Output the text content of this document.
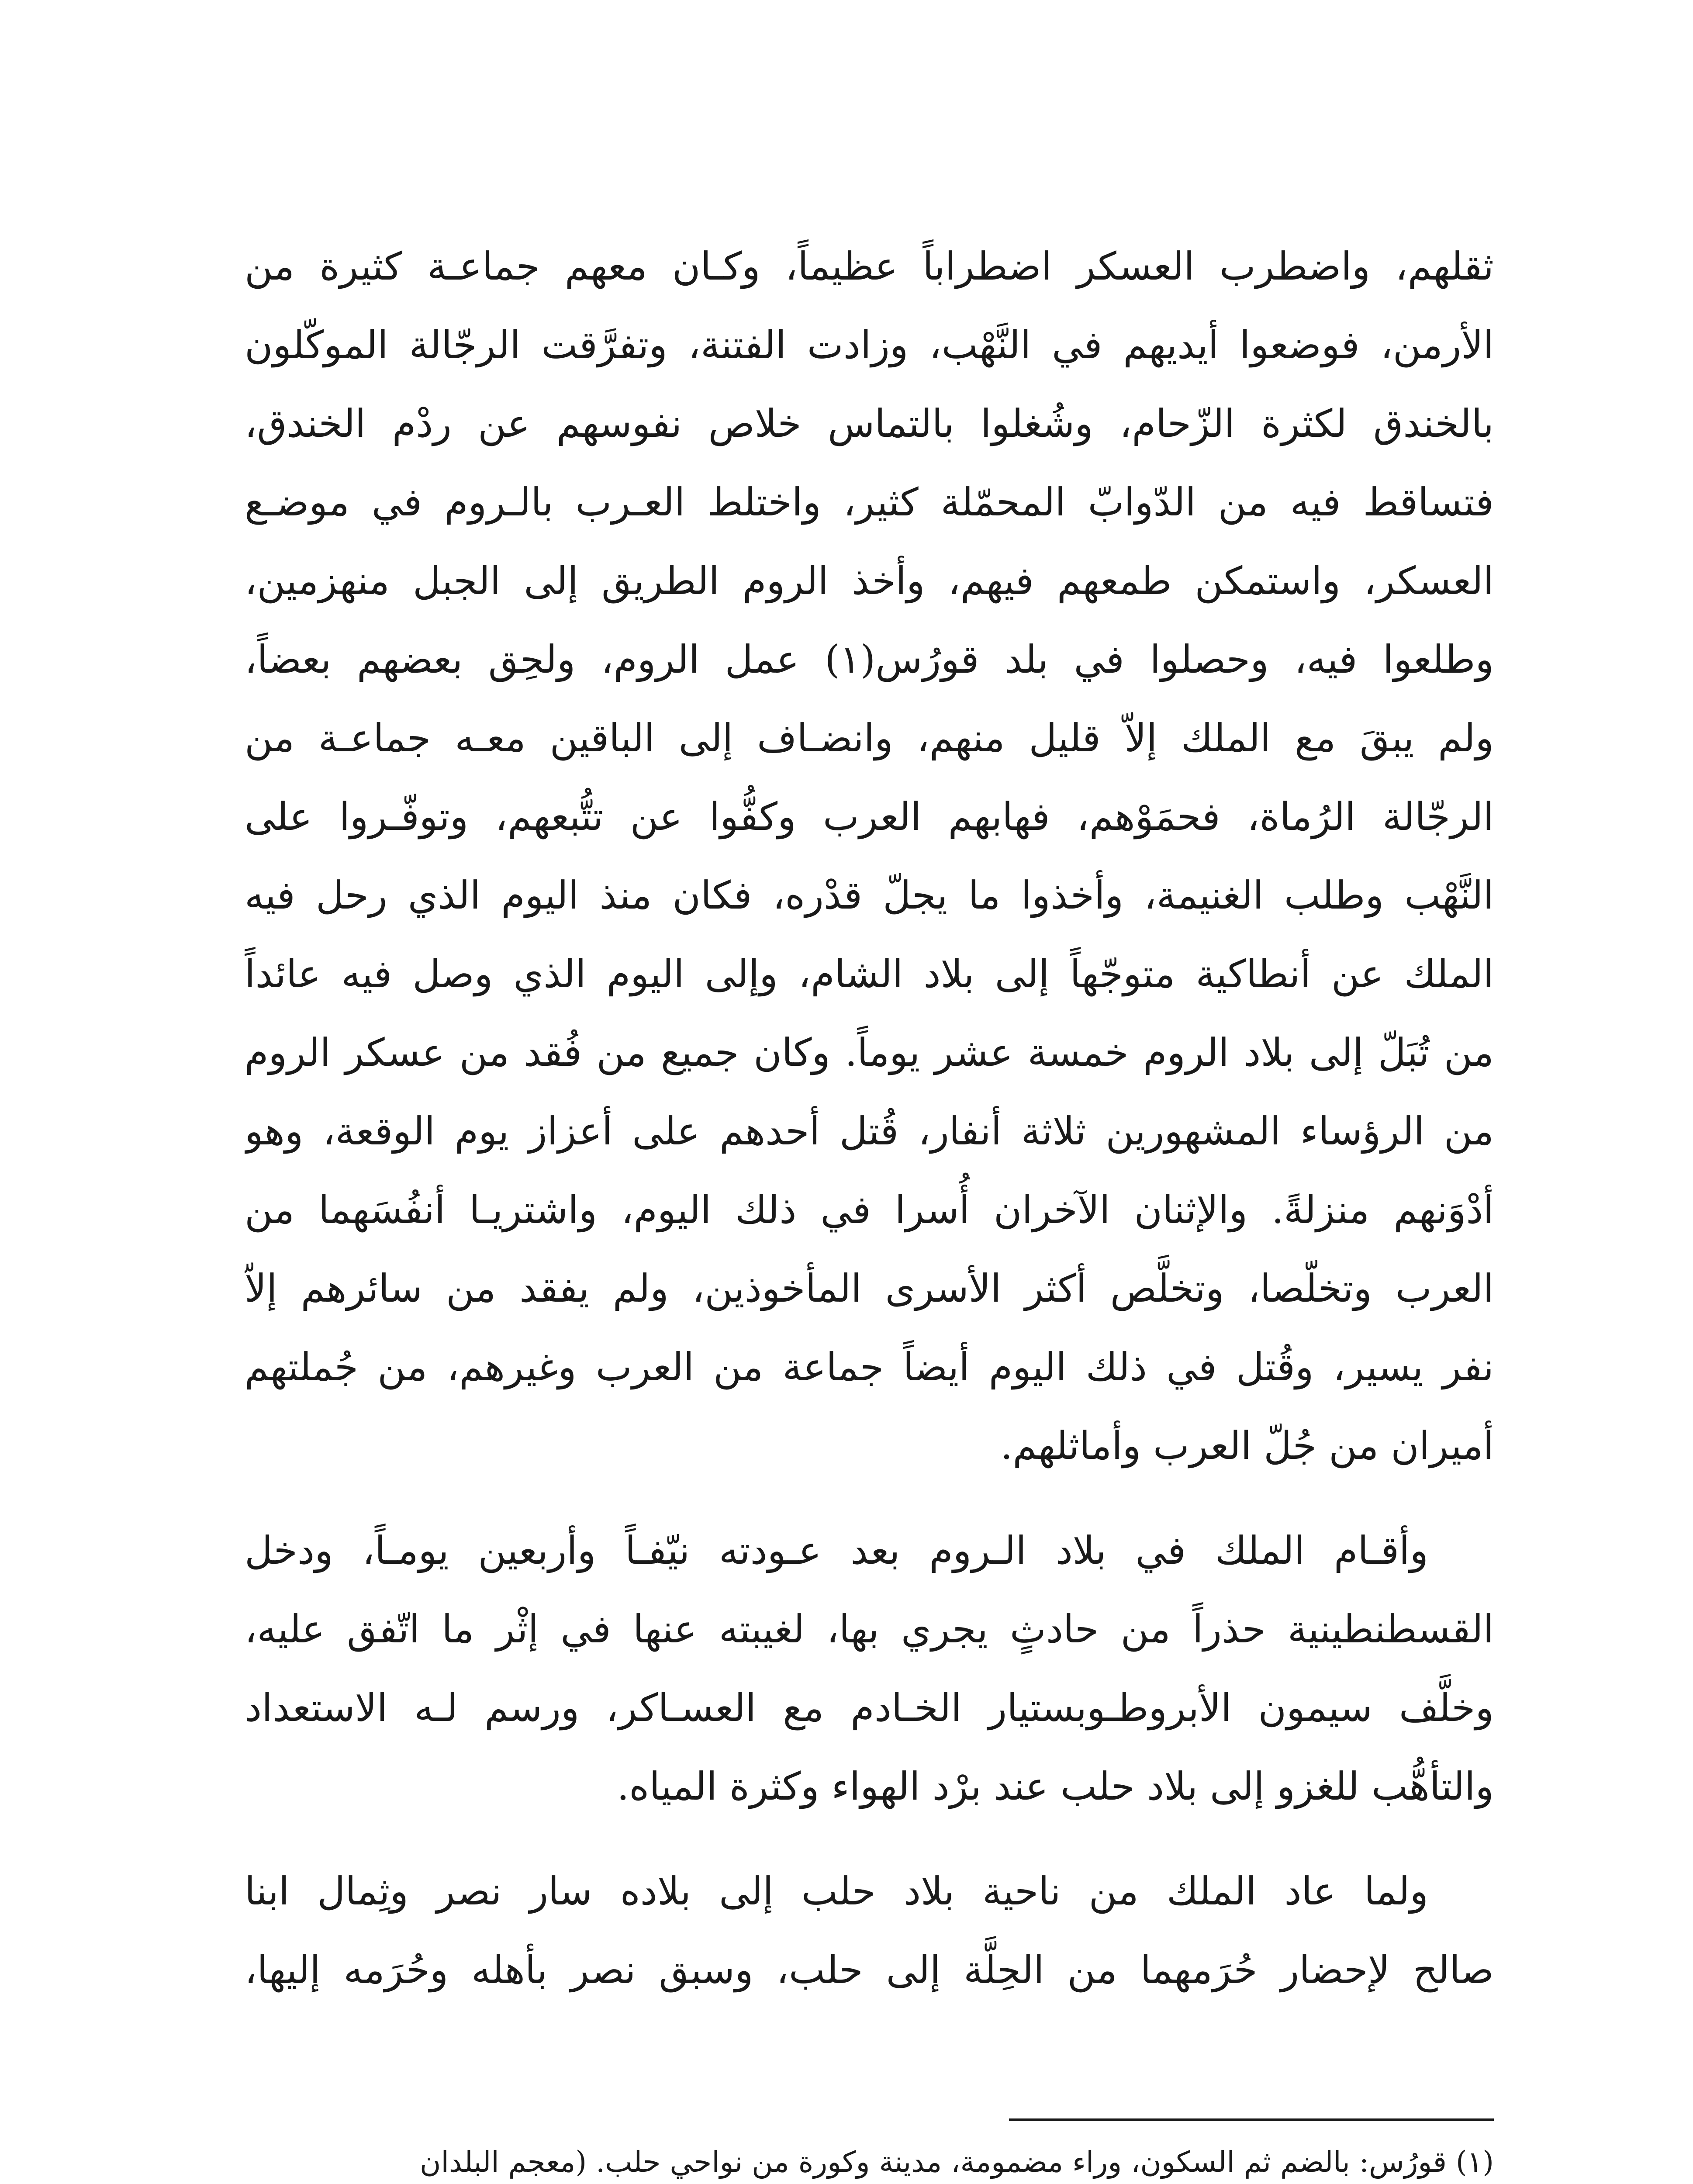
ثقلهم، واضطرب العسكر اضطراباً عظيماً، وكـان معهم جماعـة كثيرة من
الأرمن، فوضعوا أيديهم في النَّهْب، وزادت الفتنة، وتفرَّقت الرجّالة الموكّلون
بالخندق لكثرة الزّحام، وشُغلوا بالتماس خلاص نفوسهم عن ردْم الخندق،
فتساقط فيه من الدّوابّ المحمّلة كثير، واختلط العـرب بالـروم في موضـع
العسكر، واستمكن طمعهم فيهم، وأخذ الروم الطريق إلى الجبل منهزمين،
وطلعوا فيه، وحصلوا في بلد قورُس(١) عمل الروم، ولحِق بعضهم بعضاً،
ولم يبقَ مع الملك إلاّ قليل منهم، وانضـاف إلى الباقين معـه جماعـة من
الرجّالة الرُماة، فحمَوْهم، فهابهم العرب وكفُّوا عن تتُّبعهم، وتوفّـروا على
النَّهْب وطلب الغنيمة، وأخذوا ما يجلّ قدْره، فكان منذ اليوم الذي رحل فيه
الملك عن أنطاكية متوجّهاً إلى بلاد الشام، وإلى اليوم الذي وصل فيه عائداً
من تُبَلّ إلى بلاد الروم خمسة عشر يوماً. وكان جميع من فُقد من عسكر الروم
من الرؤساء المشهورين ثلاثة أنفار، قُتل أحدهم على أعزاز يوم الوقعة، وهو
أدْوَنهم منزلةً. والإثنان الآخران أُسرا في ذلك اليوم، واشتريـا أنفُسَهما من
العرب وتخلّصا، وتخلَّص أكثر الأسرى المأخوذين، ولم يفقد من سائرهم إلاّ
نفر يسير، وقُتل في ذلك اليوم أيضاً جماعة من العرب وغيرهم، من جُملتهم
أميران من جُلّ العرب وأماثلهم.
وأقـام الملك في بلاد الـروم بعد عـودته نيّفـاً وأربعين يومـاً، ودخل
القسطنطينية حذراً من حادثٍ يجري بها، لغيبته عنها في إثْر ما اتّفق عليه،
وخلَّف سيمون الأبروطـوبستيار الخـادم مع العسـاكر، ورسم لـه الاستعداد
والتأهُّب للغزو إلى بلاد حلب عند برْد الهواء وكثرة المياه.
ولما عاد الملك من ناحية بلاد حلب إلى بلاده سار نصر وثِمال ابنا
صالح لإحضار حُرَمهما من الحِلَّة إلى حلب، وسبق نصر بأهله وحُرَمه إليها،
(١) قورُس: بالضم ثم السكون، وراء مضمومة، مدينة وكورة من نواحي حلب. (معجم البلدان
